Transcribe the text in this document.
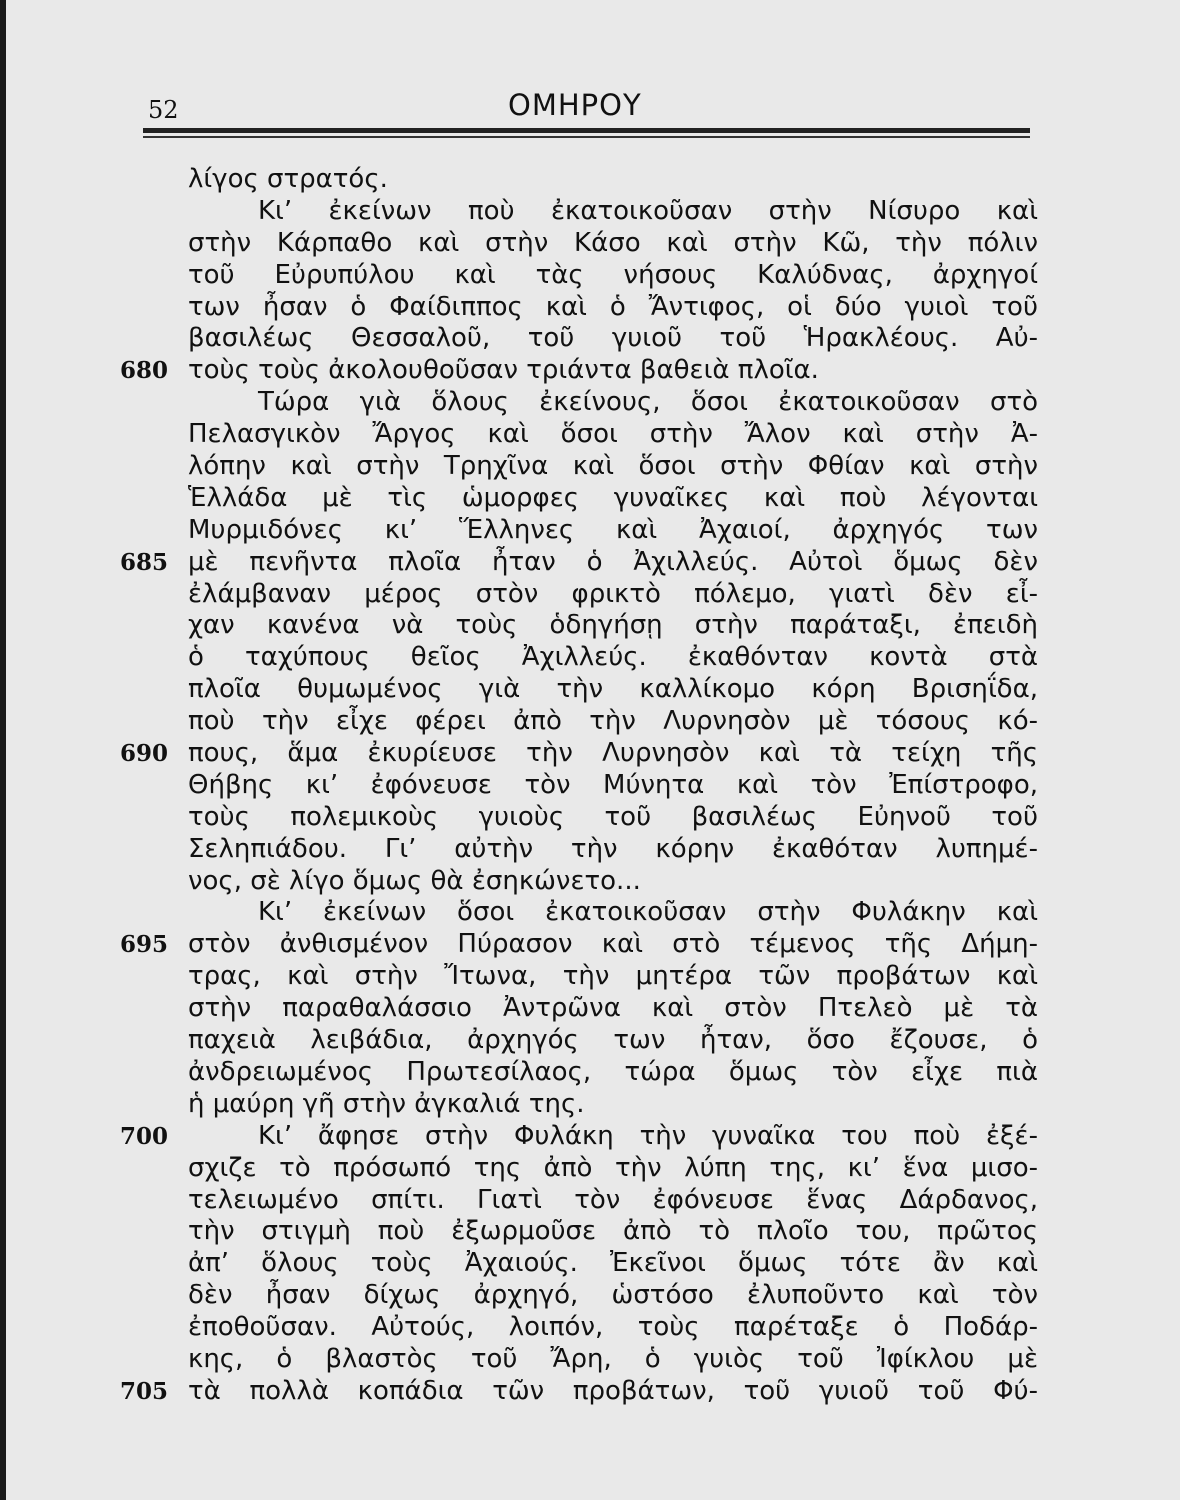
52	ΟΜΗΡΟΥ
λίγος στρατός.
Κι’ ἐκείνων ποὺ ἐκατοικοῦσαν στὴν Νίσυρο καὶ
στὴν Κάρπαθο καὶ στὴν Κάσο καὶ στὴν Κῶ, τὴν πόλιν
τοῦ Εὐρυπύλου καὶ τὰς νήσους Καλύδνας, ἀρχηγοί
των ἦσαν ὁ Φαίδιππος καὶ ὁ Ἄντιφος, οἱ δύο γυιοὶ τοῦ
βασιλέως Θεσσαλοῦ, τοῦ γυιοῦ τοῦ Ἡρακλέους. Αὐ-
680 τοὺς τοὺς ἀκολουθοῦσαν τριάντα βαθειὰ πλοῖα.
Τώρα γιὰ ὅλους ἐκείνους, ὅσοι ἐκατοικοῦσαν στὸ
Πελασγικὸν Ἄργος καὶ ὅσοι στὴν Ἄλον καὶ στὴν Ἀ-
λόπην καὶ στὴν Τρηχῖνα καὶ ὅσοι στὴν Φθίαν καὶ στὴν
Ἑλλάδα μὲ τὶς ὡμορφες γυναῖκες καὶ ποὺ λέγονται
Μυρμιδόνες κι’ Ἕλληνες καὶ Ἀχαιοί, ἀρχηγός των
685 μὲ πενῆντα πλοῖα ἦταν ὁ Ἀχιλλεύς. Αὐτοὶ ὅμως δὲν
ἐλάμβαναν μέρος στὸν φρικτὸ πόλεμο, γιατὶ δὲν εἶ-
χαν κανένα νὰ τοὺς ὁδηγήσῃ στὴν παράταξι, ἐπειδὴ
ὁ ταχύπους θεῖος Ἀχιλλεύς. ἐκαθόνταν κοντὰ στὰ
πλοῖα θυμωμένος γιὰ τὴν καλλίκομο κόρη Βρισηΐδα,
ποὺ τὴν εἶχε φέρει ἀπὸ τὴν Λυρνησὸν μὲ τόσους κό-
690 πους, ἅμα ἐκυρίευσε τὴν Λυρνησὸν καὶ τὰ τείχη τῆς
Θήβης κι’ ἐφόνευσε τὸν Μύνητα καὶ τὸν Ἐπίστροφο,
τοὺς πολεμικοὺς γυιοὺς τοῦ βασιλέως Εὐηνοῦ τοῦ
Σεληπιάδου. Γι’ αὐτὴν τὴν κόρην ἐκαθόταν λυπημέ-
νος, σὲ λίγο ὅμως θὰ ἐσηκώνετο...
Κι’ ἐκείνων ὅσοι ἐκατοικοῦσαν στὴν Φυλάκην καὶ
695 στὸν ἀνθισμένον Πύρασον καὶ στὸ τέμενος τῆς Δήμη-
τρας, καὶ στὴν Ἴτωνα, τὴν μητέρα τῶν προβάτων καὶ
στὴν παραθαλάσσιο Ἀντρῶνα καὶ στὸν Πτελεὸ μὲ τὰ
παχειὰ λειβάδια, ἀρχηγός των ἦταν, ὅσο ἔζουσε, ὁ
ἀνδρειωμένος Πρωτεσίλαος, τώρα ὅμως τὸν εἶχε πιὰ
ἡ μαύρη γῆ στὴν ἀγκαλιά της.
700	Κι’ ἄφησε στὴν Φυλάκη τὴν γυναῖκα του ποὺ ἐξέ-
σχιζε τὸ πρόσωπό της ἀπὸ τὴν λύπη της, κι’ ἕνα μισο-
τελειωμένο σπίτι. Γιατὶ τὸν ἐφόνευσε ἕνας Δάρδανος,
τὴν στιγμὴ ποὺ ἐξωρμοῦσε ἀπὸ τὸ πλοῖο του, πρῶτος
ἀπ’ ὅλους τοὺς Ἀχαιούς. Ἐκεῖνοι ὅμως τότε ἂν καὶ
δὲν ἦσαν δίχως ἀρχηγό, ὡστόσο ἐλυποῦντο καὶ τὸν
ἐποθοῦσαν. Αὐτούς, λοιπόν, τοὺς παρέταξε ὁ Ποδάρ-
κης, ὁ βλαστὸς τοῦ Ἄρη, ὁ γυιὸς τοῦ Ἰφίκλου μὲ
705 τὰ πολλὰ κοπάδια τῶν προβάτων, τοῦ γυιοῦ τοῦ Φύ-
